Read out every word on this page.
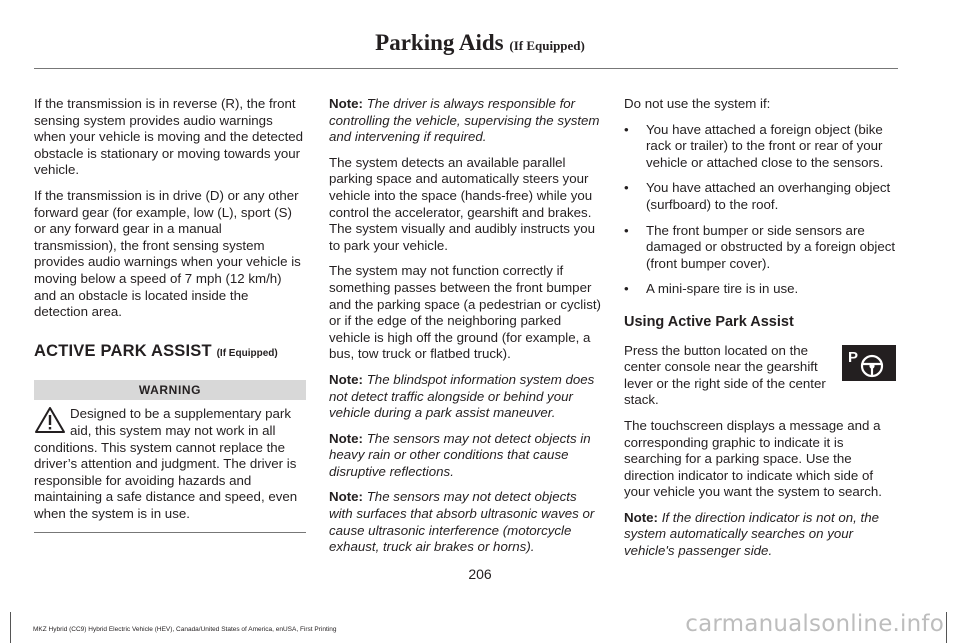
Parking Aids (If Equipped)

If the transmission is in reverse (R), the front sensing system provides audio warnings when your vehicle is moving and the detected obstacle is stationary or moving towards your vehicle.

If the transmission is in drive (D) or any other forward gear (for example, low (L), sport (S) or any forward gear in a manual transmission), the front sensing system provides audio warnings when your vehicle is moving below a speed of 7 mph (12 km/h) and an obstacle is located inside the detection area.

ACTIVE PARK ASSIST (If Equipped)
WARNING
Designed to be a supplementary park aid, this system may not work in all conditions. This system cannot replace the driver’s attention and judgment. The driver is responsible for avoiding hazards and maintaining a safe distance and speed, even when the system is in use.

Note: The driver is always responsible for controlling the vehicle, supervising the system and intervening if required.

The system detects an available parallel parking space and automatically steers your vehicle into the space (hands-free) while you control the accelerator, gearshift and brakes. The system visually and audibly instructs you to park your vehicle.

The system may not function correctly if something passes between the front bumper and the parking space (a pedestrian or cyclist) or if the edge of the neighboring parked vehicle is high off the ground (for example, a bus, tow truck or flatbed truck).

Note: The blindspot information system does not detect traffic alongside or behind your vehicle during a park assist maneuver.

Note: The sensors may not detect objects in heavy rain or other conditions that cause disruptive reflections.

Note: The sensors may not detect objects with surfaces that absorb ultrasonic waves or cause ultrasonic interference (motorcycle exhaust, truck air brakes or horns).

Do not use the system if:

• You have attached a foreign object (bike rack or trailer) to the front or rear of your vehicle or attached close to the sensors.
• You have attached an overhanging object (surfboard) to the roof.
• The front bumper or side sensors are damaged or obstructed by a foreign object (front bumper cover).
• A mini-spare tire is in use.
Using Active Park Assist

P
Press the button located on the center console near the gearshift lever or the right side of the center stack.

The touchscreen displays a message and a corresponding graphic to indicate it is searching for a parking space. Use the direction indicator to indicate which side of your vehicle you want the system to search.

Note: If the direction indicator is not on, the system automatically searches on your vehicle's passenger side.

206
MKZ Hybrid (CC9) Hybrid Electric Vehicle (HEV), Canada/United States of America, enUSA, First Printing	carmanualsonline.info
